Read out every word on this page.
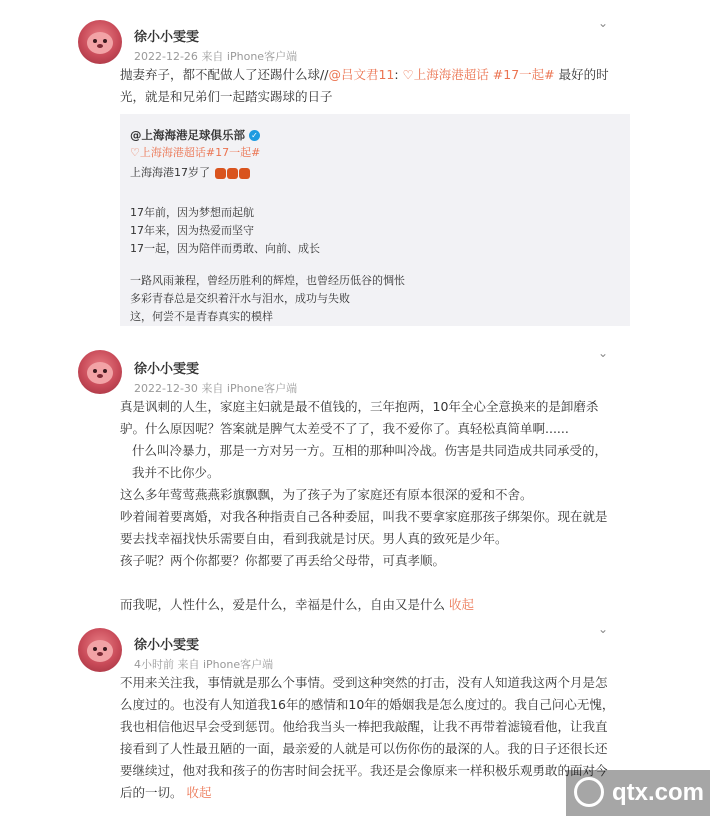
徐小小雯雯
2022-12-26 来自 iPhone客户端
⌄
抛妻弃子，都不配做人了还踢什么球//@吕文君11: ♡上海海港超话 #17一起# 最好的时光，就是和兄弟们一起踏实踢球的日子
@上海海港足球俱乐部 ✓
♡上海海港超话#17一起#
上海海港17岁了
17年前，因为梦想而起航
17年来，因为热爱而坚守
17一起，因为陪伴而勇敢、向前、成长
一路风雨兼程，曾经历胜利的辉煌，也曾经历低谷的惆怅
多彩青春总是交织着汗水与泪水，成功与失败
这，何尝不是青春真实的模样
徐小小雯雯
2022-12-30 来自 iPhone客户端
⌄

真是讽刺的人生，家庭主妇就是最不值钱的，三年抱两，10年全心全意换来的是卸磨杀驴。什么原因呢？答案就是脾气太差受不了了，我不爱你了。真轻松真简单啊......

什么叫冷暴力，那是一方对另一方。互相的那种叫冷战。伤害是共同造成共同承受的，我并不比你少。

这么多年莺莺燕燕彩旗飘飘，为了孩子为了家庭还有原本很深的爱和不舍。

吵着闹着要离婚，对我各种指责自己各种委屈，叫我不要拿家庭那孩子绑架你。现在就是要去找幸福找快乐需要自由，看到我就是讨厌。男人真的致死是少年。

孩子呢？两个你都要？你都要了再丢给父母带，可真孝顺。

而我呢，人性什么，爱是什么，幸福是什么，自由又是什么 收起

徐小小雯雯
4小时前 来自 iPhone客户端
⌄
不用来关注我，事情就是那么个事情。受到这种突然的打击，没有人知道我这两个月是怎么度过的。也没有人知道我16年的感情和10年的婚姻我是怎么度过的。我自己问心无愧，我也相信他迟早会受到惩罚。他给我当头一棒把我敲醒，让我不再带着滤镜看他，让我直接看到了人性最丑陋的一面，最亲爱的人就是可以伤你伤的最深的人。我的日子还很长还要继续过，他对我和孩子的伤害时间会抚平。我还是会像原来一样积极乐观勇敢的面对今后的一切。 收起	qtx.com
